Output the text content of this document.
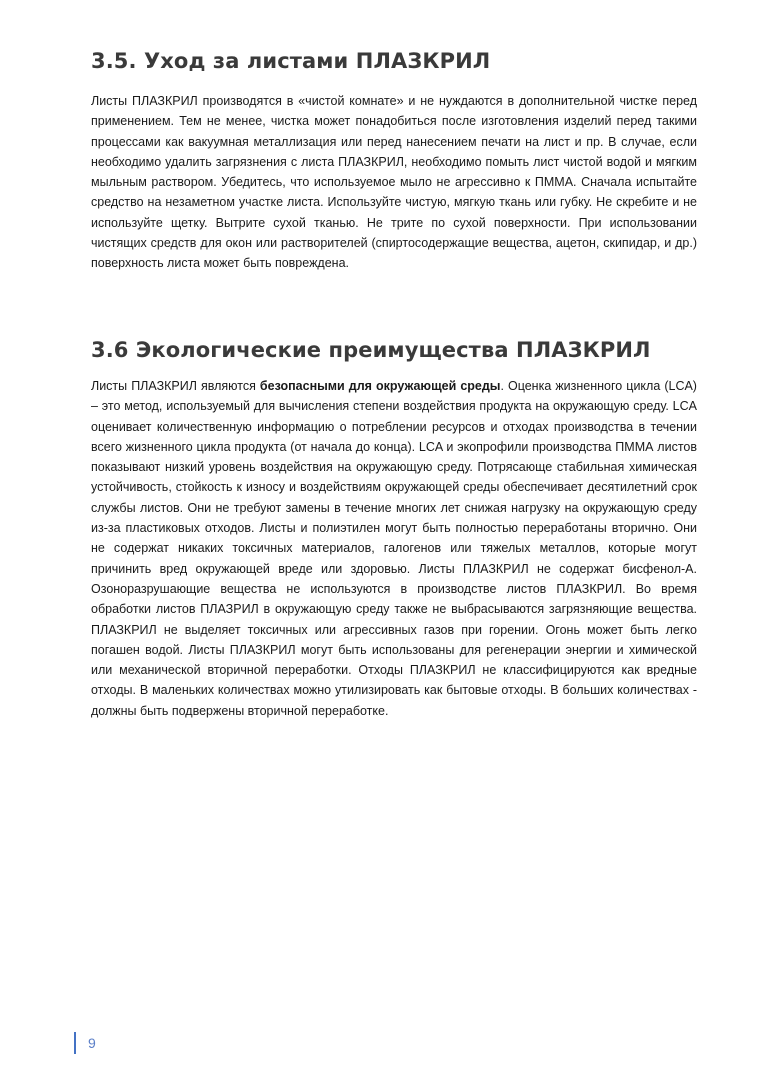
3.5. Уход за листами ПЛАЗКРИЛ

Листы ПЛАЗКРИЛ производятся в «чистой комнате» и не нуждаются в дополнительной чистке перед применением. Тем не менее, чистка может понадобиться после изготовления изделий перед такими процессами как вакуумная металлизация или перед нанесением печати на лист и пр. В случае, если необходимо удалить загрязнения с листа ПЛАЗКРИЛ, необходимо помыть лист чистой водой и мягким мыльным раствором. Убедитесь, что используемое мыло не агрессивно к ПММА. Сначала испытайте средство на незаметном участке листа. Используйте чистую, мягкую ткань или губку. Не скребите и не используйте щетку. Вытрите сухой тканью. Не трите по сухой поверхности. При использовании чистящих средств для окон или растворителей (спиртосодержащие вещества, ацетон, скипидар, и др.) поверхность листа может быть повреждена.

3.6 Экологические преимущества ПЛАЗКРИЛ

Листы ПЛАЗКРИЛ являются безопасными для окружающей среды. Оценка жизненного цикла (LCA) – это метод, используемый для вычисления степени воздействия продукта на окружающую среду. LCA оценивает количественную информацию о потреблении ресурсов и отходах производства в течении всего жизненного цикла продукта (от начала до конца). LCA и экопрофили производства ПММА листов показывают низкий уровень воздействия на окружающую среду. Потрясающе стабильная химическая устойчивость, стойкость к износу и воздействиям окружающей среды обеспечивает десятилетний срок службы листов. Они не требуют замены в течение многих лет снижая нагрузку на окружающую среду из-за пластиковых отходов. Листы и полиэтилен могут быть полностью переработаны вторично. Они не содержат никаких токсичных материалов, галогенов или тяжелых металлов, которые могут причинить вред окружающей вреде или здоровью. Листы ПЛАЗКРИЛ не содержат бисфенол-А. Озоноразрушающие вещества не используются в производстве листов ПЛАЗКРИЛ. Во время обработки листов ПЛАЗРИЛ в окружающую среду также не выбрасываются загрязняющие вещества. ПЛАЗКРИЛ не выделяет токсичных или агрессивных газов при горении. Огонь может быть легко погашен водой. Листы ПЛАЗКРИЛ могут быть использованы для регенерации энергии и химической или механической вторичной переработки. Отходы ПЛАЗКРИЛ не классифицируются как вредные отходы. В маленьких количествах можно утилизировать как бытовые отходы. В больших количествах - должны быть подвержены вторичной переработке.

9
